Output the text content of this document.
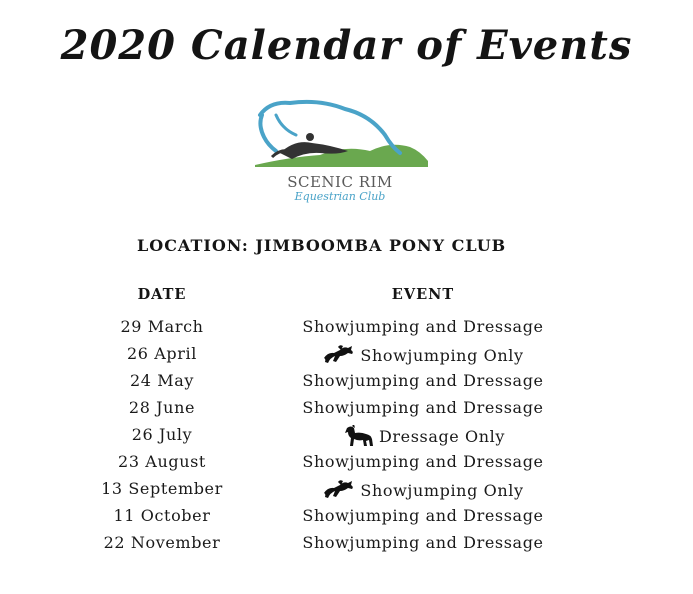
2020 Calendar of Events
SCENIC RIM
Equestrian Club
LOCATION: JIMBOOMBA PONY CLUB
DATE	EVENT
29 March	Showjumping and Dressage
26 April	Showjumping Only
24 May	Showjumping and Dressage
28 June	Showjumping and Dressage
26 July	Dressage Only
23 August	Showjumping and Dressage
13 September	Showjumping Only
11 October	Showjumping and Dressage
22 November	Showjumping and Dressage
